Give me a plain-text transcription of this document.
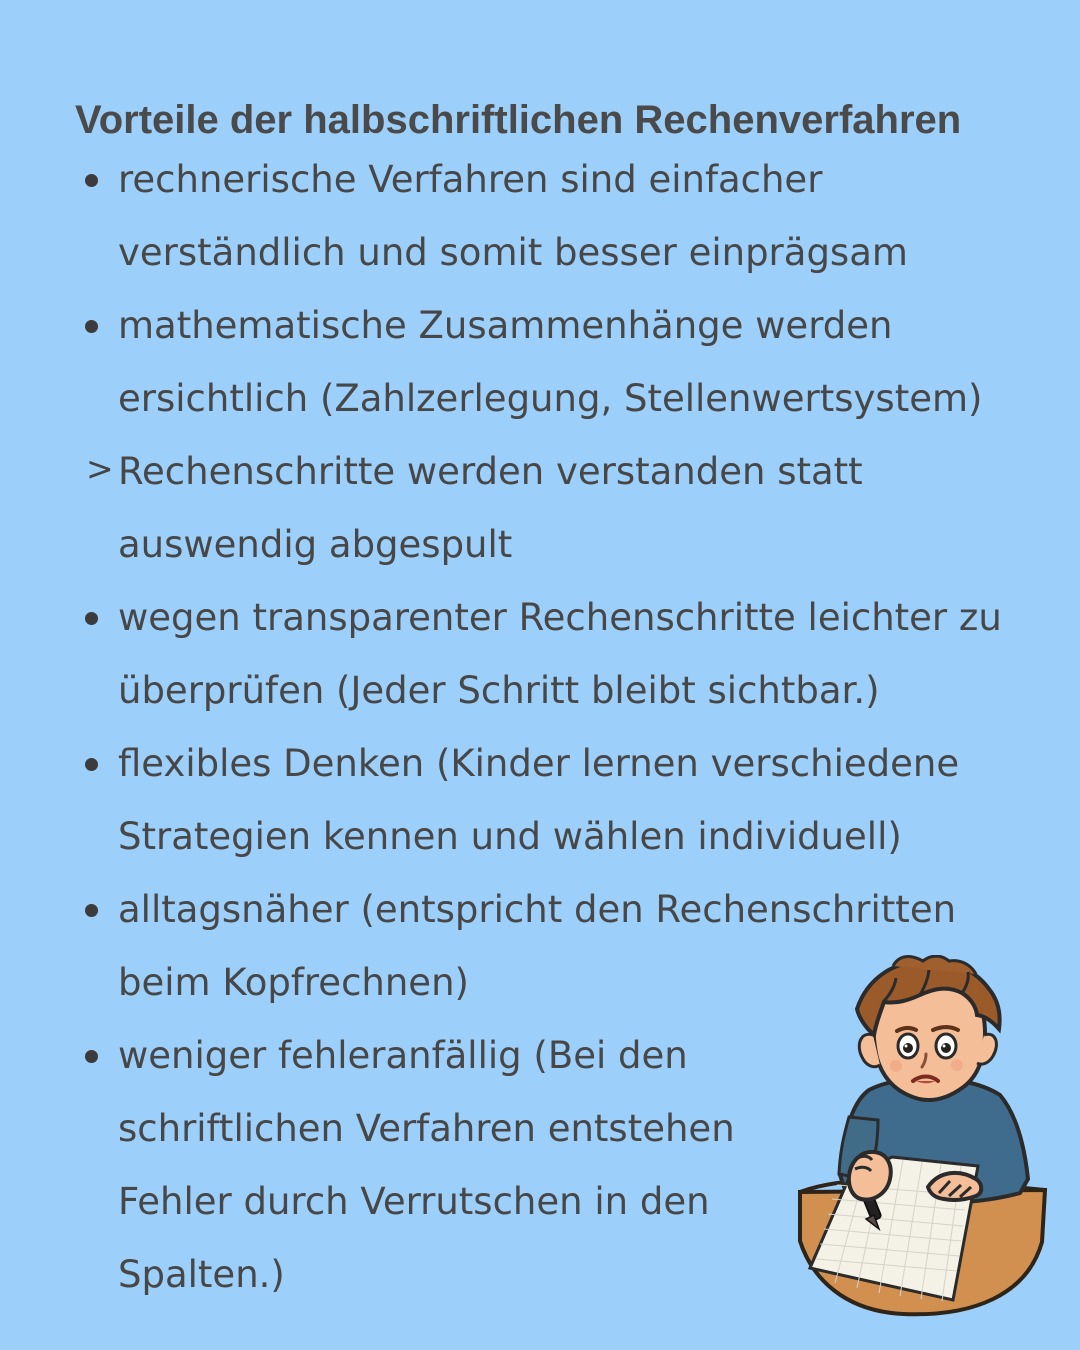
Vorteile der halbschriftlichen Rechenverfahren
rechnerische Verfahren sind einfacher
verständlich und somit besser einprägsam
mathematische Zusammenhänge werden
ersichtlich (Zahlzerlegung, Stellenwertsystem)
> Rechenschritte werden verstanden statt
auswendig abgespult
wegen transparenter Rechenschritte leichter zu
überprüfen (Jeder Schritt bleibt sichtbar.)
flexibles Denken (Kinder lernen verschiedene
Strategien kennen und wählen individuell)
alltagsnäher (entspricht den Rechenschritten
beim Kopfrechnen)
weniger fehleranfällig (Bei den
schriftlichen Verfahren entstehen
Fehler durch Verrutschen in den
Spalten.)
